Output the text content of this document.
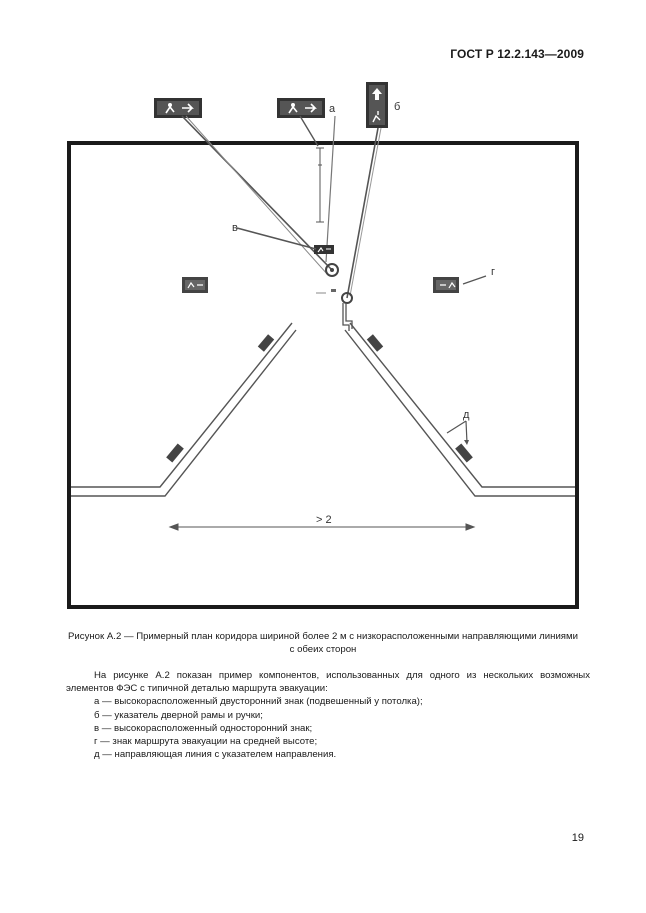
ГОСТ Р 12.2.143—2009
а	б
в
г
д
> 2
Рисунок А.2 — Примерный план коридора шириной более 2 м с низкорасположенными направляющими линиями с обеих сторон

На рисунке А.2 показан пример компонентов, использованных для одного из нескольких возможных элементов ФЭС с типичной деталью маршрута эвакуации:

а — высокорасположенный двусторонний знак (подвешенный у потолка);

б — указатель дверной рамы и ручки;

в — высокорасположенный односторонний знак;

г — знак маршрута эвакуации на средней высоте;

д — направляющая линия с указателем направления.

19
